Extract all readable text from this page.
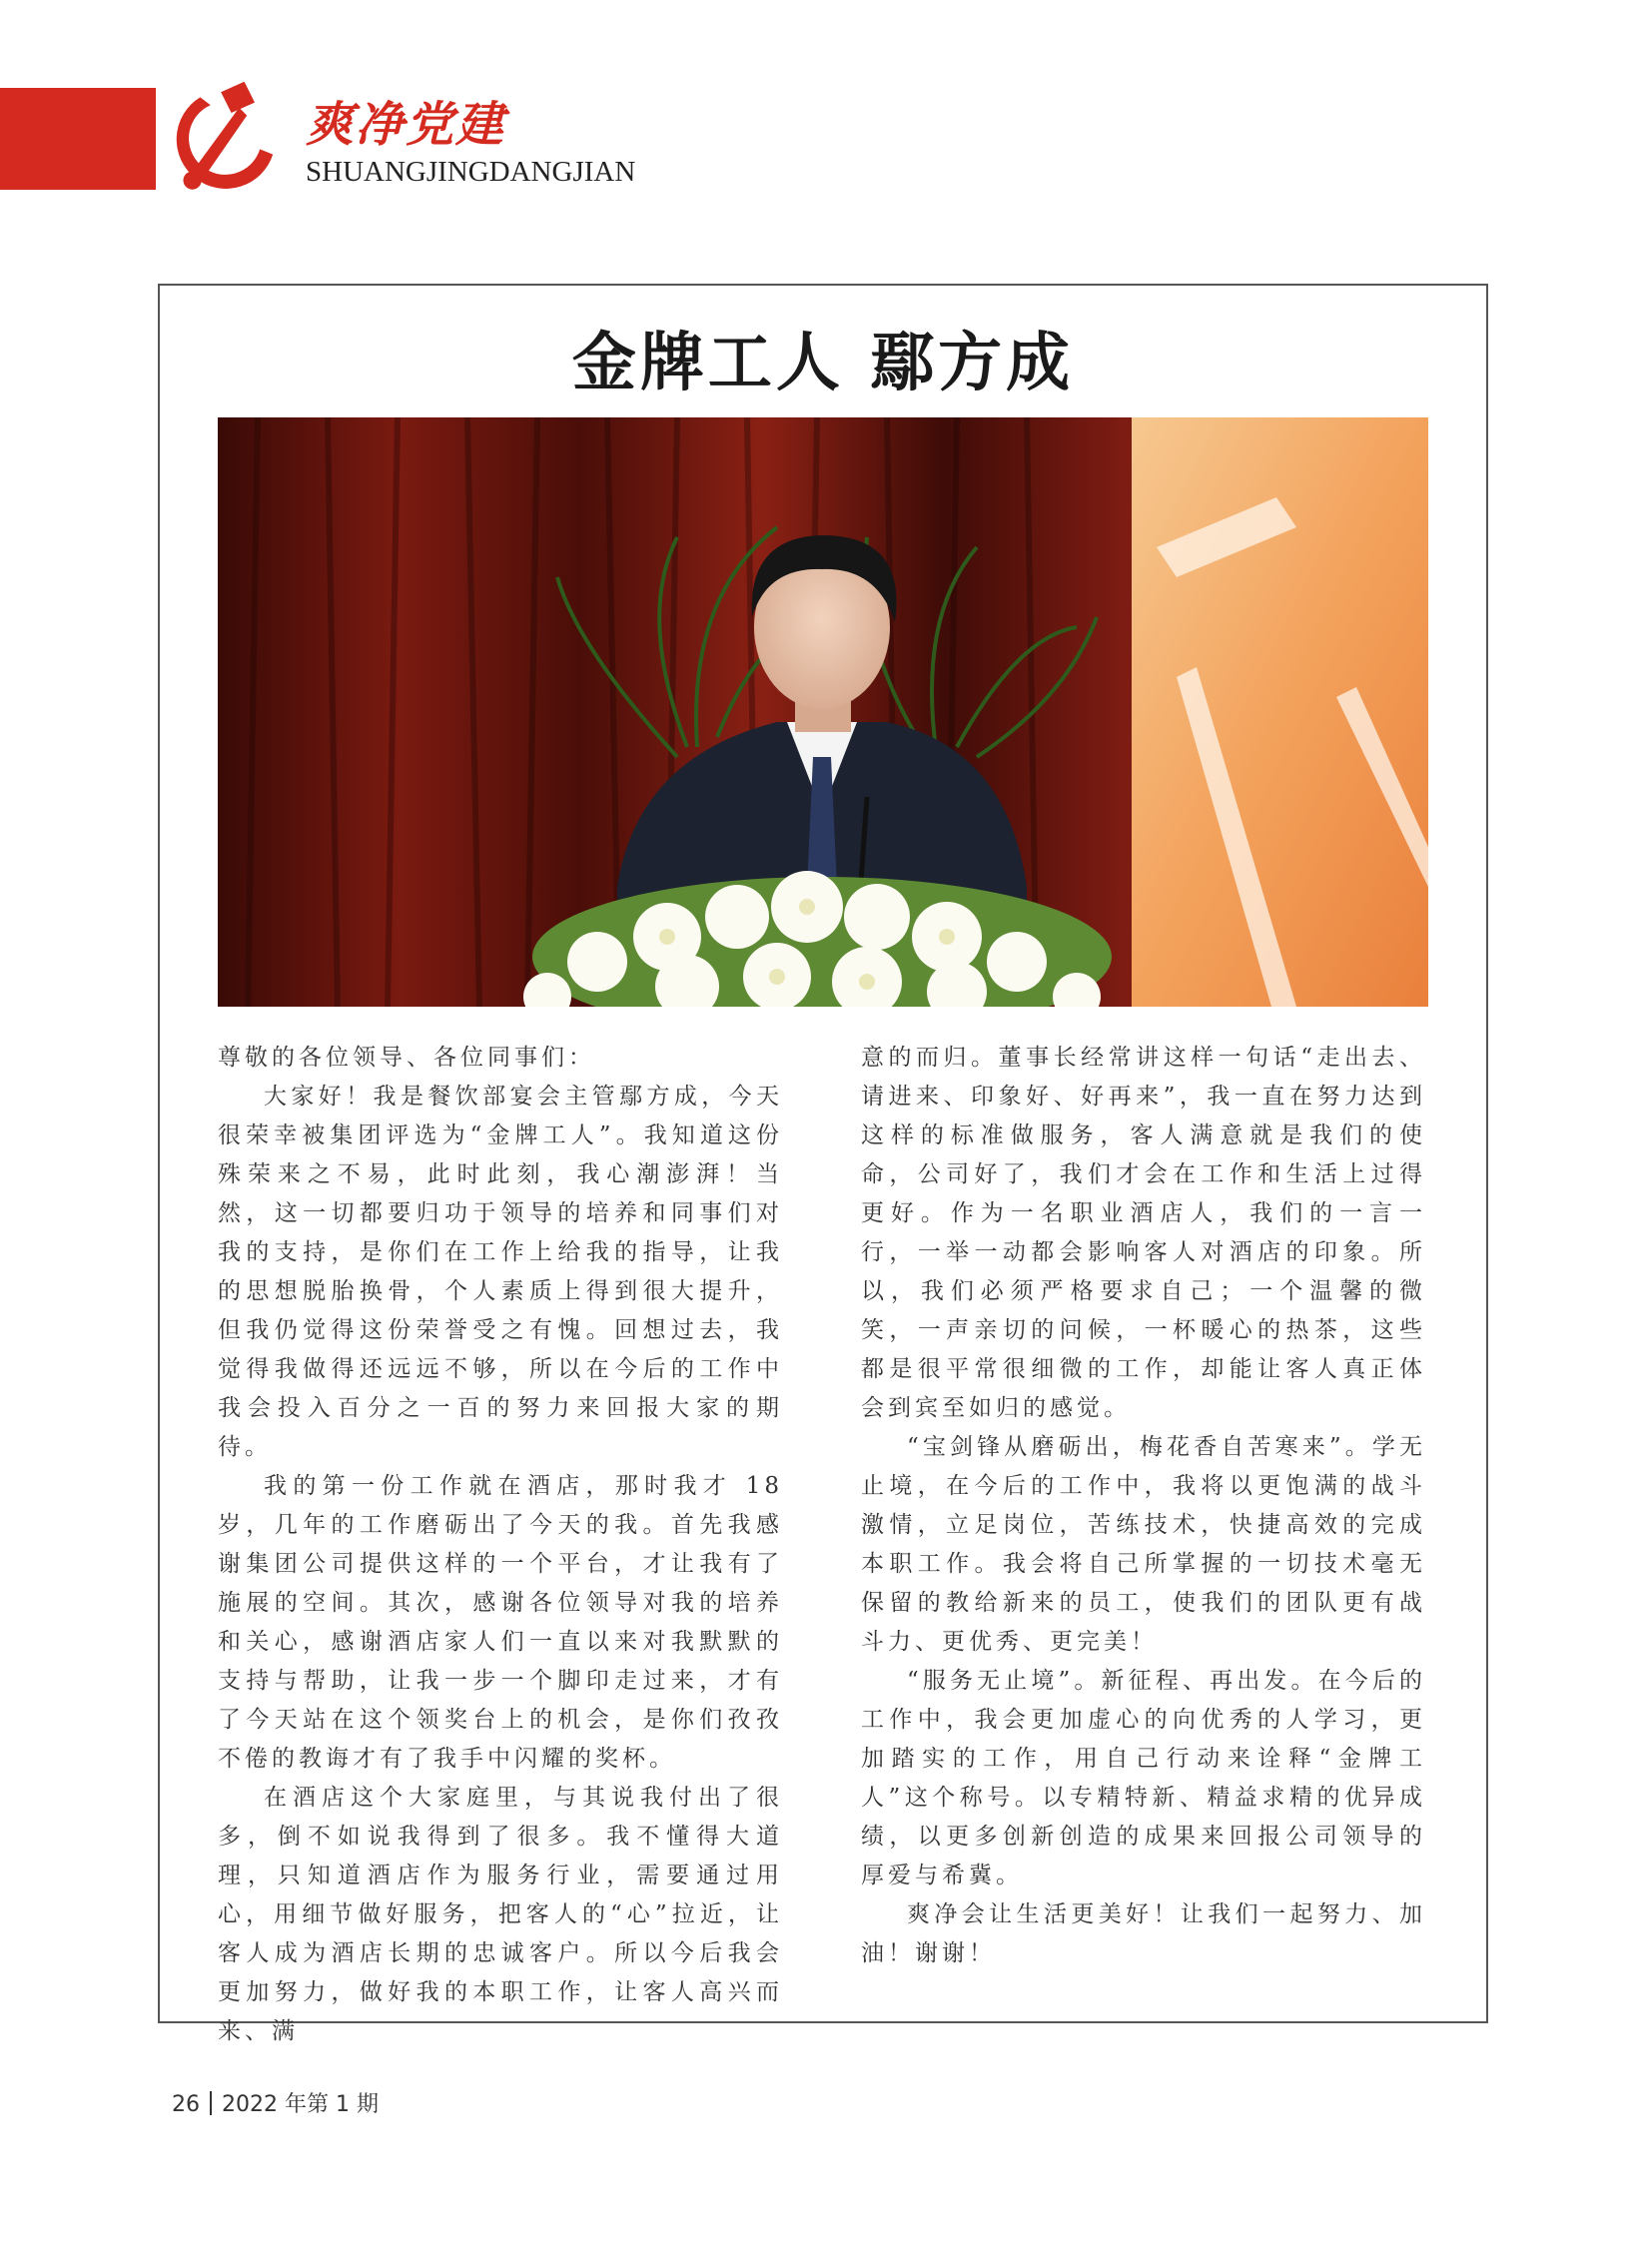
爽净党建
SHUANGJINGDANGJIAN
金牌工人 鄢方成

尊敬的各位领导、各位同事们：

大家好！我是餐饮部宴会主管鄢方成，今天很荣幸被集团评选为“金牌工人”。我知道这份殊荣来之不易，此时此刻，我心潮澎湃！当然，这一切都要归功于领导的培养和同事们对我的支持，是你们在工作上给我的指导，让我的思想脱胎换骨，个人素质上得到很大提升，但我仍觉得这份荣誉受之有愧。回想过去，我觉得我做得还远远不够，所以在今后的工作中我会投入百分之一百的努力来回报大家的期待。

我的第一份工作就在酒店，那时我才 18 岁，几年的工作磨砺出了今天的我。首先我感谢集团公司提供这样的一个平台，才让我有了施展的空间。其次，感谢各位领导对我的培养和关心，感谢酒店家人们一直以来对我默默的支持与帮助，让我一步一个脚印走过来，才有了今天站在这个领奖台上的机会，是你们孜孜不倦的教诲才有了我手中闪耀的奖杯。

在酒店这个大家庭里，与其说我付出了很多，倒不如说我得到了很多。我不懂得大道理，只知道酒店作为服务行业，需要通过用心，用细节做好服务，把客人的“心”拉近，让客人成为酒店长期的忠诚客户。所以今后我会更加努力，做好我的本职工作，让客人高兴而来、满

意的而归。董事长经常讲这样一句话“走出去、请进来、印象好、好再来”，我一直在努力达到这样的标准做服务，客人满意就是我们的使命，公司好了，我们才会在工作和生活上过得更好。作为一名职业酒店人，我们的一言一行，一举一动都会影响客人对酒店的印象。所以，我们必须严格要求自己；一个温馨的微笑，一声亲切的问候，一杯暖心的热茶，这些都是很平常很细微的工作，却能让客人真正体会到宾至如归的感觉。

“宝剑锋从磨砺出，梅花香自苦寒来”。学无止境，在今后的工作中，我将以更饱满的战斗激情，立足岗位，苦练技术，快捷高效的完成本职工作。我会将自己所掌握的一切技术毫无保留的教给新来的员工，使我们的团队更有战斗力、更优秀、更完美！

“服务无止境”。新征程、再出发。在今后的工作中，我会更加虚心的向优秀的人学习，更加踏实的工作，用自己行动来诠释“金牌工人”这个称号。以专精特新、精益求精的优异成绩，以更多创新创造的成果来回报公司领导的厚爱与希冀。

爽净会让生活更美好！让我们一起努力、加油！谢谢！

26 2022 年第 1 期
